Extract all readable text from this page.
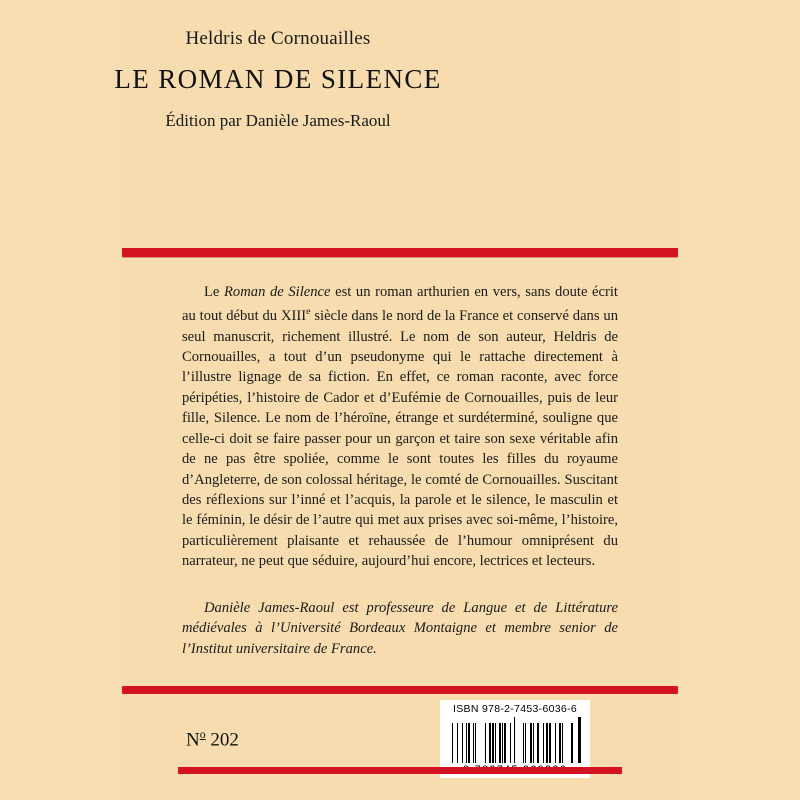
Heldris de Cornouailles
LE ROMAN DE SILENCE
Édition par Danièle James-Raoul
Le Roman de Silence est un roman arthurien en vers, sans doute écrit au tout début du XIIIe siècle dans le nord de la France et conservé dans un seul manuscrit, richement illustré. Le nom de son auteur, Heldris de Cornouailles, a tout d’un pseudonyme qui le rattache directement à l’illustre lignage de sa fiction. En effet, ce roman raconte, avec force péripéties, l’histoire de Cador et d’Eufémie de Cornouailles, puis de leur fille, Silence. Le nom de l’héroïne, étrange et surdéterminé, souligne que celle-ci doit se faire passer pour un garçon et taire son sexe véritable afin de ne pas être spoliée, comme le sont toutes les filles du royaume d’Angleterre, de son colossal héritage, le comté de Cornouailles. Suscitant des réflexions sur l’inné et l’acquis, la parole et le silence, le masculin et le féminin, le désir de l’autre qui met aux prises avec soi-même, l’histoire, particulièrement plaisante et rehaussée de l’humour omniprésent du narrateur, ne peut que séduire, aujourd’hui encore, lectrices et lecteurs.
Danièle James-Raoul est professeure de Langue et de Littérature médiévales à l’Université Bordeaux Montaigne et membre senior de l’Institut universitaire de France.
$N^o$ 202
ISBN 978-2-7453-6036-6
